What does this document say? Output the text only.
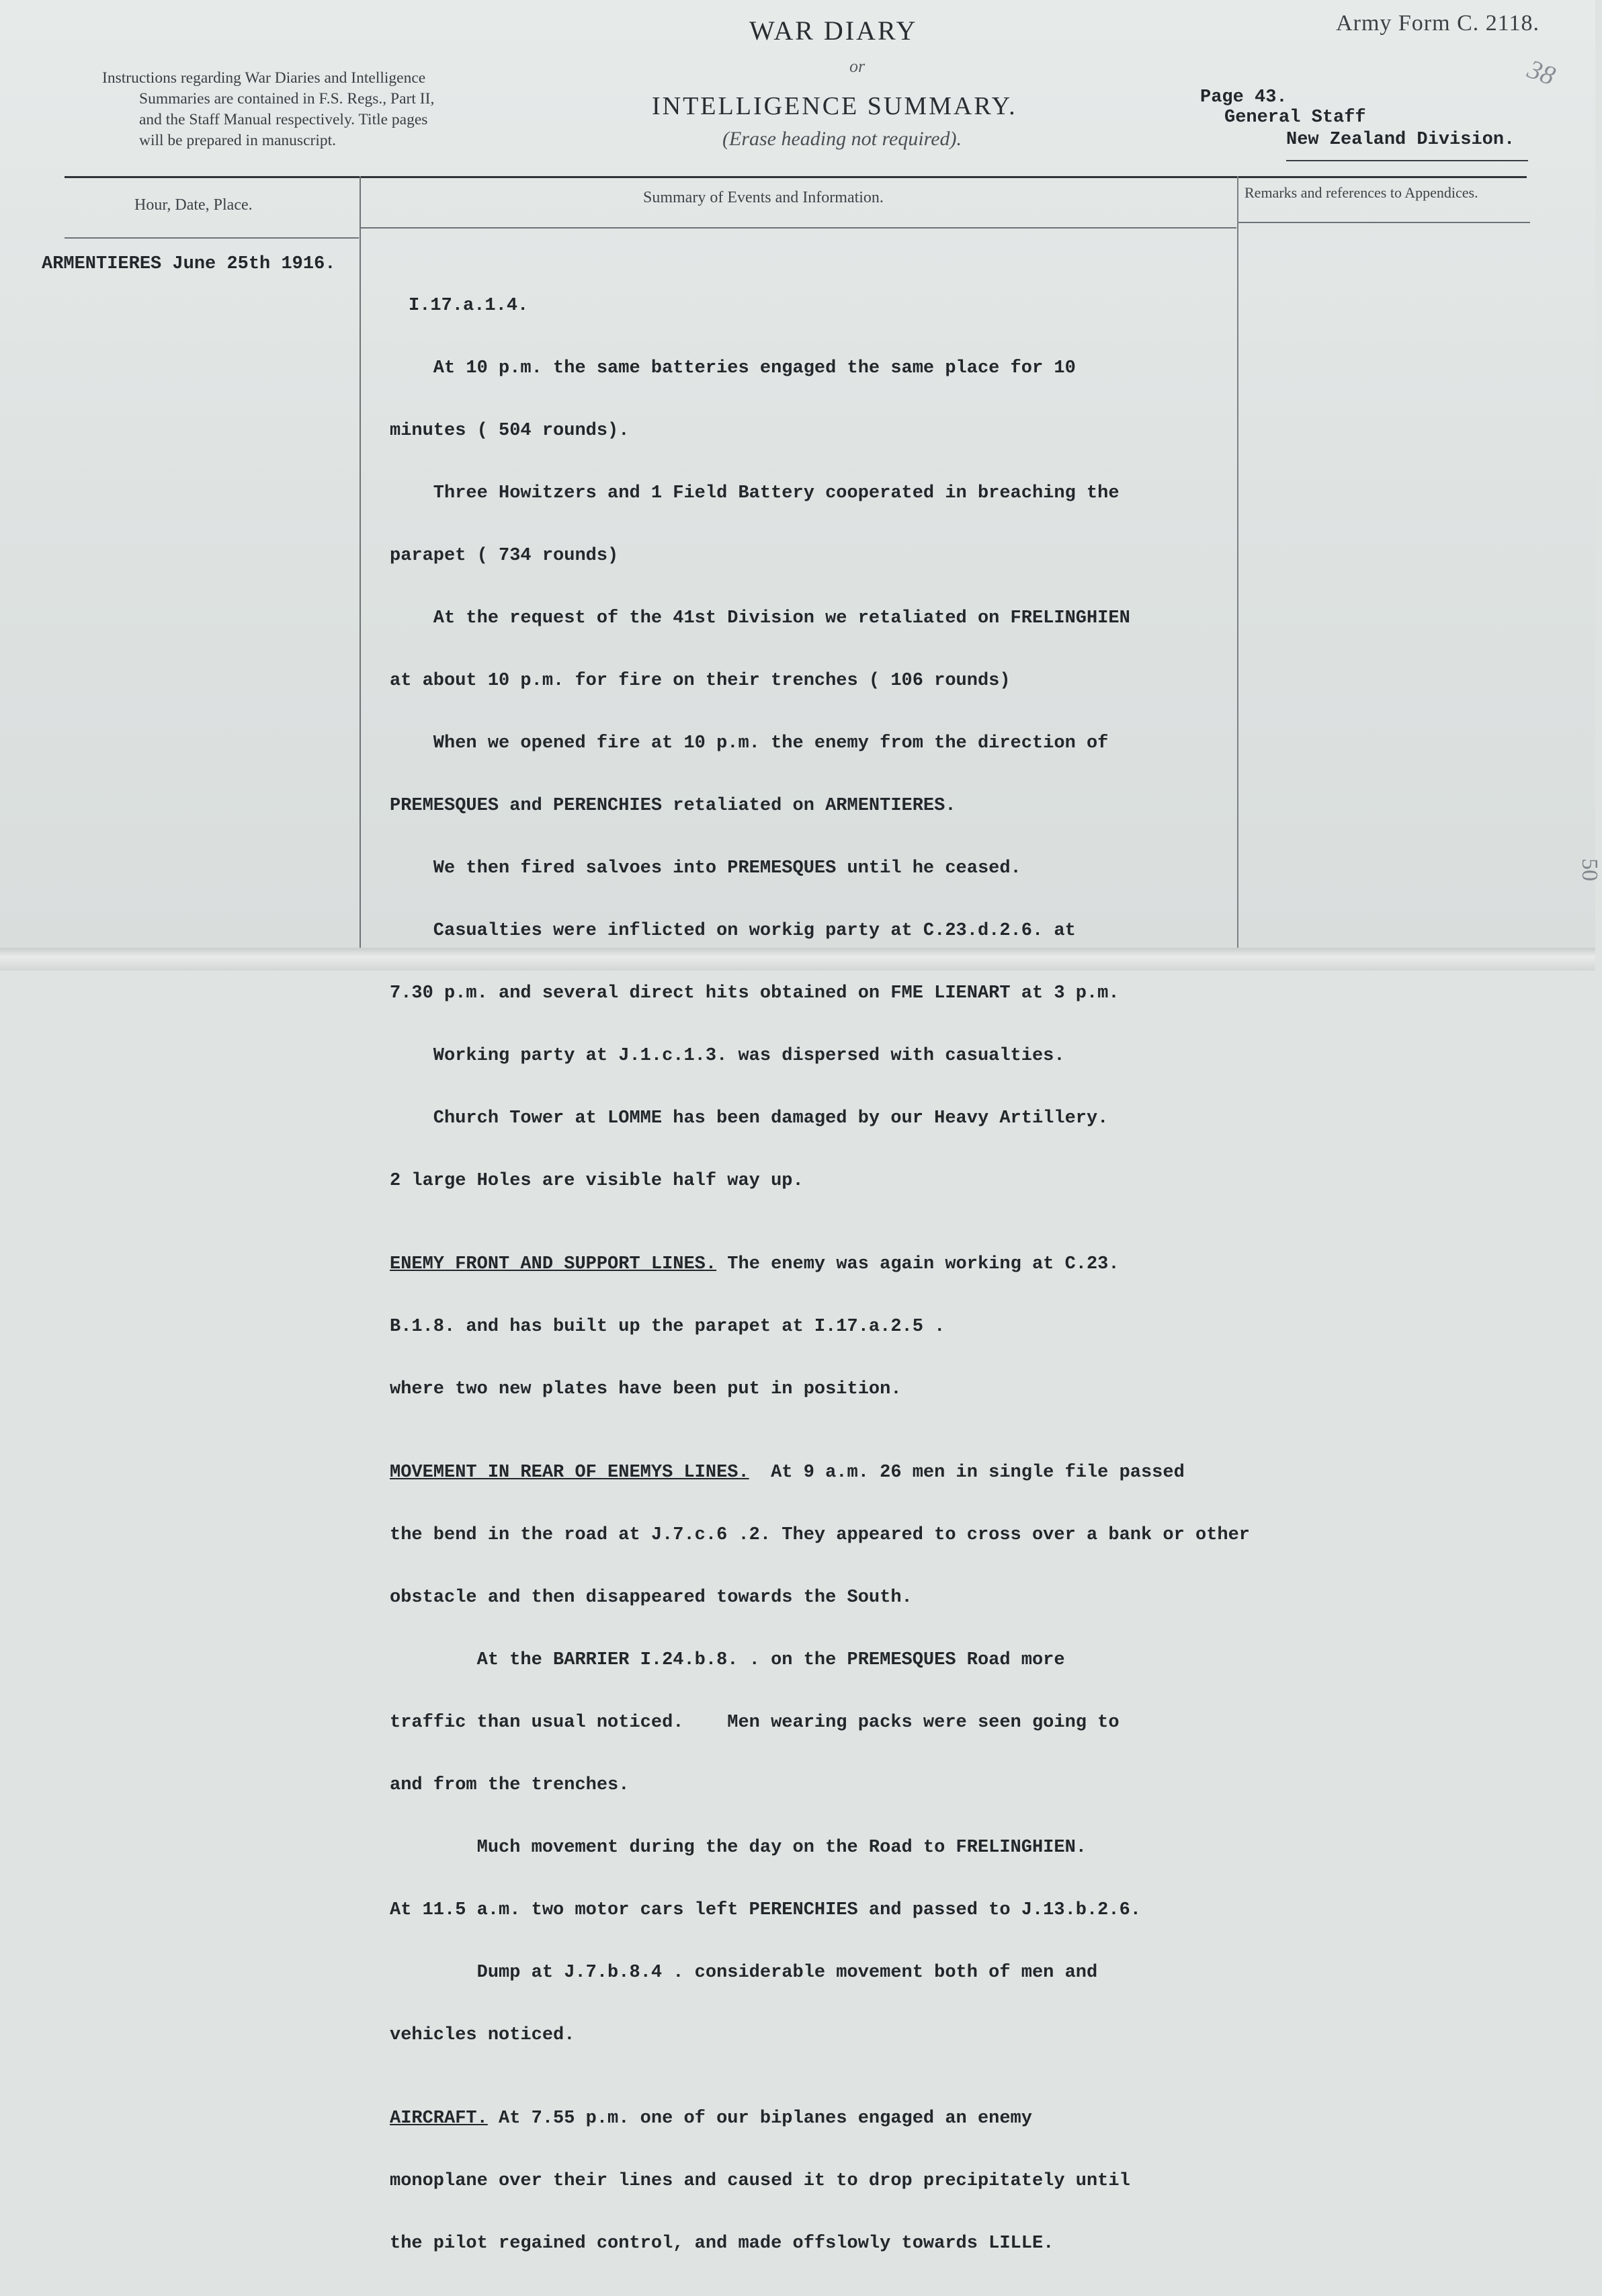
Army Form C. 2118.
WAR DIARY
or
INTELLIGENCE SUMMARY.
(Erase heading not required).
Instructions regarding War Diaries and Intelligence
Summaries are contained in F.S. Regs., Part II,
and the Staff Manual respectively. Title pages
will be prepared in manuscript.
Page 43.
General Staff
New Zealand Division.
38
50
Hour, Date, Place.	Summary of Events and Information.	Remarks and references to Appendices.
ARMENTIERES June 25th 1916.

I.17.a.1.4.

At 10 p.m. the same batteries engaged the same place for 10

minutes ( 504 rounds).

Three Howitzers and 1 Field Battery cooperated in breaching the

parapet ( 734 rounds)

At the request of the 41st Division we retaliated on FRELINGHIEN

at about 10 p.m. for fire on their trenches ( 106 rounds)

When we opened fire at 10 p.m. the enemy from the direction of

PREMESQUES and PERENCHIES retaliated on ARMENTIERES.

We then fired salvoes into PREMESQUES until he ceased.

Casualties were inflicted on workig party at C.23.d.2.6. at

7.30 p.m. and several direct hits obtained on FME LIENART at 3 p.m.

Working party at J.1.c.1.3. was dispersed with casualties.

Church Tower at LOMME has been damaged by our Heavy Artillery.

2 large Holes are visible half way up.

ENEMY FRONT AND SUPPORT LINES. The enemy was again working at C.23.

B.1.8. and has built up the parapet at I.17.a.2.5 .

where two new plates have been put in position.

MOVEMENT IN REAR OF ENEMYS LINES.  At 9 a.m. 26 men in single file passed

the bend in the road at J.7.c.6 .2. They appeared to cross over a bank or other

obstacle and then disappeared towards the South.

At the BARRIER I.24.b.8. . on the PREMESQUES Road more

traffic than usual noticed.    Men wearing packs were seen going to

and from the trenches.

Much movement during the day on the Road to FRELINGHIEN.

At 11.5 a.m. two motor cars left PERENCHIES and passed to J.13.b.2.6.

Dump at J.7.b.8.4 . considerable movement both of men and

vehicles noticed.

AIRCRAFT. At 7.55 p.m. one of our biplanes engaged an enemy

monoplane over their lines and caused it to drop precipitately until

the pilot regained control, and made offslowly towards LILLE.
